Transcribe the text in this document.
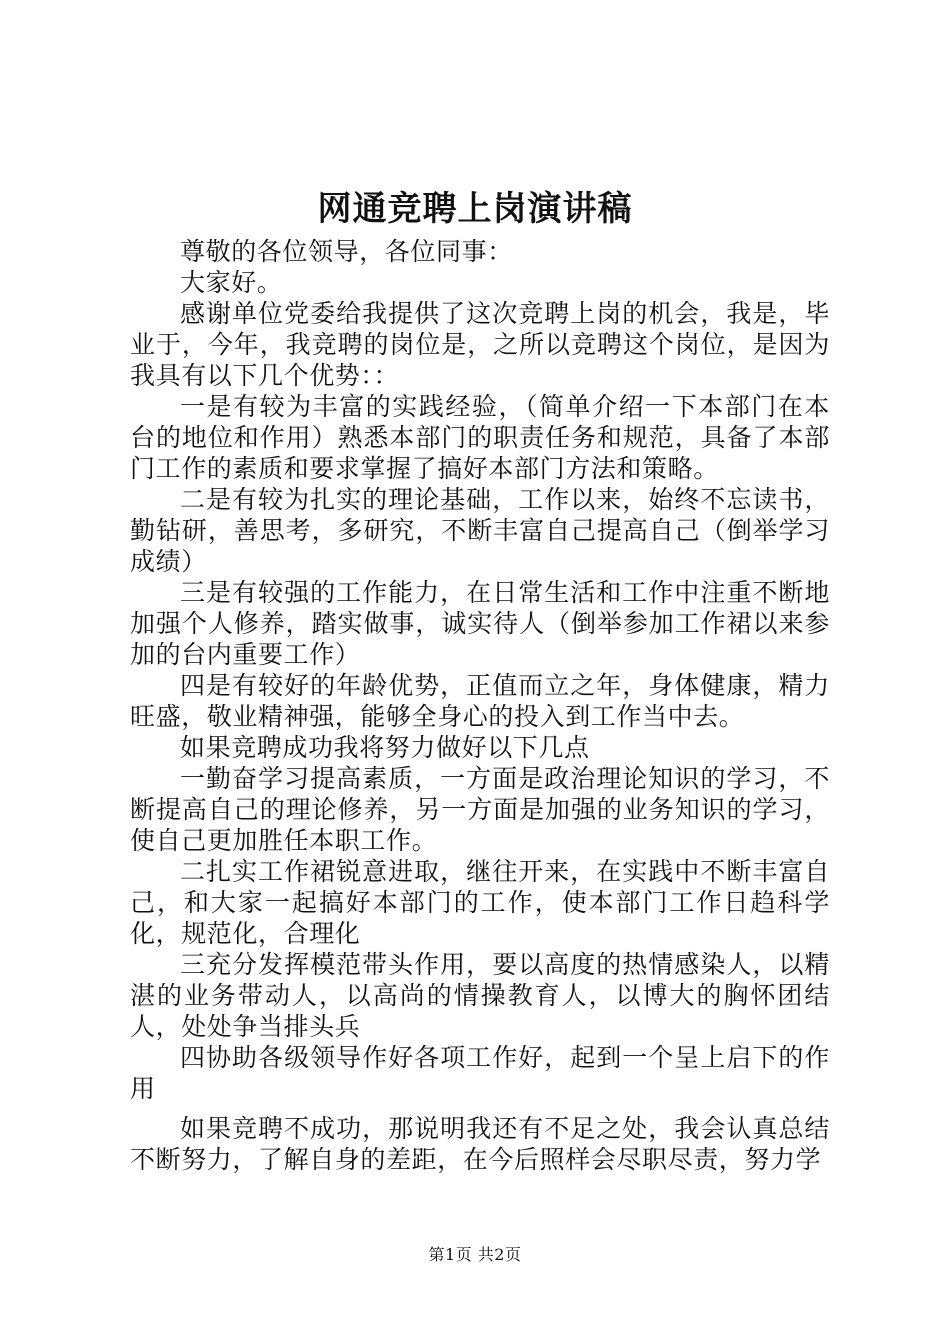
网通竞聘上岗演讲稿

尊敬的各位领导，各位同事：

大家好。

感谢单位党委给我提供了这次竞聘上岗的机会，我是，毕业于，今年，我竞聘的岗位是，之所以竞聘这个岗位，是因为我具有以下几个优势：：

一是有较为丰富的实践经验，（简单介绍一下本部门在本台的地位和作用）熟悉本部门的职责任务和规范，具备了本部门工作的素质和要求掌握了搞好本部门方法和策略。

二是有较为扎实的理论基础，工作以来，始终不忘读书，勤钻研，善思考，多研究，不断丰富自己提高自己（倒举学习成绩）

三是有较强的工作能力，在日常生活和工作中注重不断地加强个人修养，踏实做事，诚实待人（倒举参加工作裙以来参加的台内重要工作）

四是有较好的年龄优势，正值而立之年，身体健康，精力旺盛，敬业精神强，能够全身心的投入到工作当中去。

如果竞聘成功我将努力做好以下几点

一勤奋学习提高素质，一方面是政治理论知识的学习，不断提高自己的理论修养，另一方面是加强的业务知识的学习，使自己更加胜任本职工作。

二扎实工作裙锐意进取，继往开来，在实践中不断丰富自己，和大家一起搞好本部门的工作，使本部门工作日趋科学化，规范化，合理化

三充分发挥模范带头作用，要以高度的热情感染人，以精湛的业务带动人，以高尚的情操教育人，以博大的胸怀团结人，处处争当排头兵

四协助各级领导作好各项工作好，起到一个呈上启下的作用

如果竞聘不成功，那说明我还有不足之处，我会认真总结不断努力，了解自身的差距，在今后照样会尽职尽责，努力学

第1页 共2页
